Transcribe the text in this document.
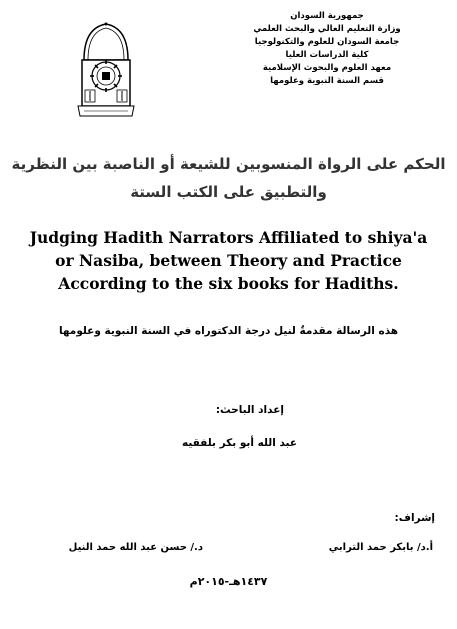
جمهورية السودان
وزارة التعليم العالي والبحث العلمي
جامعة السودان للعلوم والتكنولوجيا
كلية الدراسات العليا
معهد العلوم والبحوث الإسلامية
قسم السنة النبوية وعلومها
الحكم على الرواة المنسوبين للشيعة أو الناصبة بين النظرية
والتطبيق على الكتب الستة
Judging Hadith Narrators Affiliated to shiya'a
or Nasiba, between Theory and Practice
According to the six books for Hadiths.
هذه الرسالة مقدمةٌ لنيل درجة الدكتوراه في السنة النبوية وعلومها
إعداد الباحث:
عبد الله أبو بكر بلفقيه
إشراف:
أ.د/ بابكر حمد الترابي
د./ حسن عبد الله حمد النيل
١٤٣٧هـ-٢٠١٥م
